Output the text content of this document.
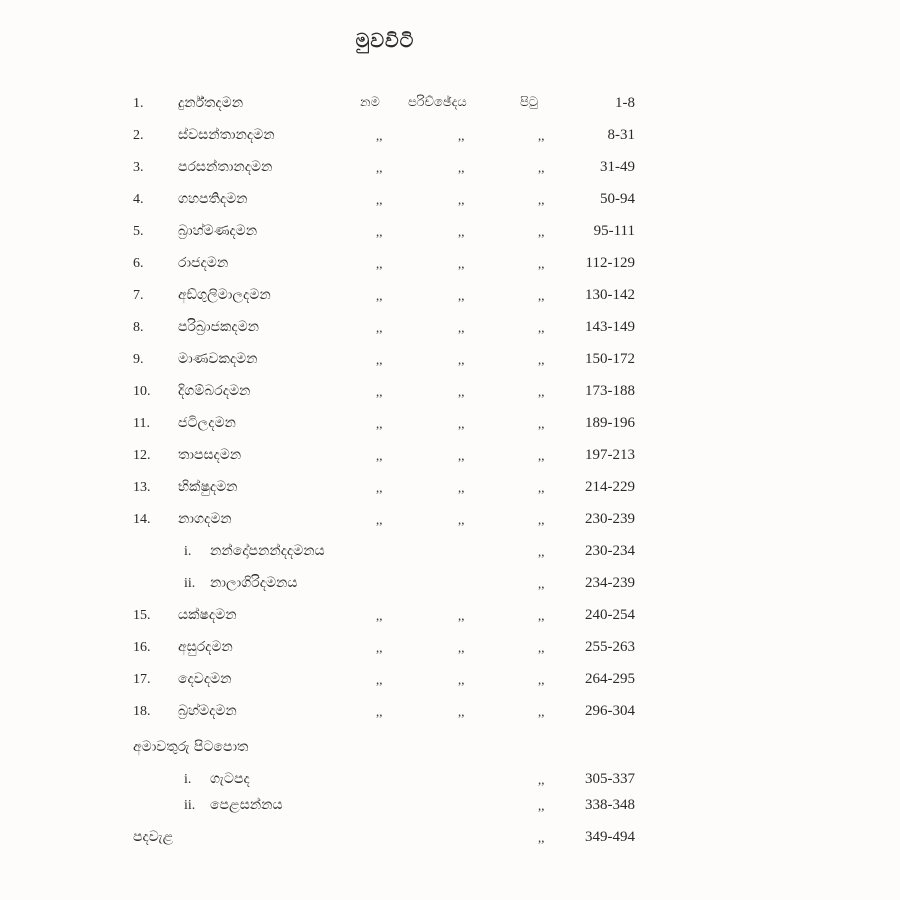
මුවවිටි
1. දුර්න්තදමන	නම පරිච්ඡේදය	පිටු	1-8
2. ස්වසන්තානදමන	,,	,,	,,	8-31
3. පරසන්තානදමන	,,	,,	,,	31-49
4. ගහපතිදමන	,,	,,	,,	50-94
5. බ්‍රාහ්මණදමන	,,	,,	,,	95-111
6. රාජදමන	,,	,,	,,	112-129
7. අඞ්ගුලිමාලදමන	,,	,,	,,	130-142
8. පරිබ්‍රාජකදමන	,,	,,	,,	143-149
9. මාණවකදමන	,,	,,	,,	150-172
10. දිගම්බරදමන	,,	,,	,,	173-188
11. ජටිලදමන	,,	,,	,,	189-196
12. තාපසදමන	,,	,,	,,	197-213
13. භික්ෂුදමන	,,	,,	,,	214-229
14. නාගදමන	,,	,,	,,	230-239
i. නන්දෝපනන්දදමනය	,,	230-234
ii. නාලාගිරිදමනය	,,	234-239
15. යක්ෂදමන	,,	,,	,,	240-254
16. අසුරදමන	,,	,,	,,	255-263
17. දෙවදමන	,,	,,	,,	264-295
18. බ්‍රහ්මදමන	,,	,,	,,	296-304
අමාවතුරු පිටපොත
i. ගැටපද	,,	305-337
ii. පෙළසන්නය	,,	338-348
පදවැළ	,,	349-494
